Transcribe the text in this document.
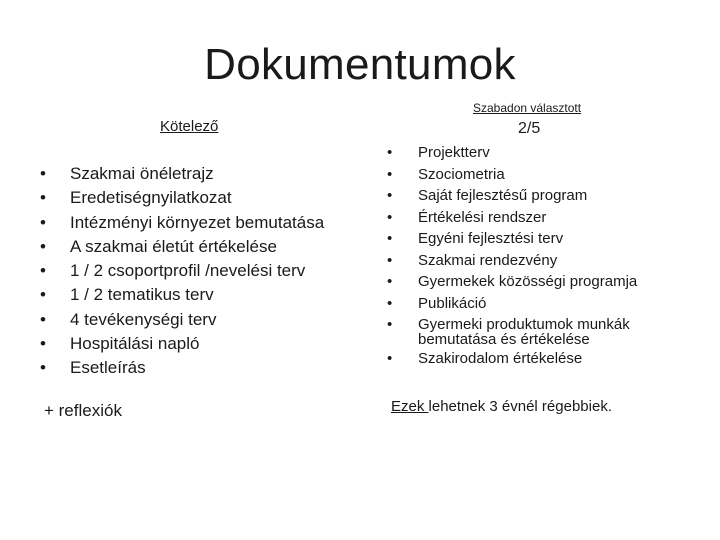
Dokumentumok
Kötelező
• Szakmai önéletrajz
• Eredetiségnyilatkozat
• Intézményi környezet bemutatása
• A szakmai életút értékelése
• 1 / 2 csoportprofil /nevelési terv
• 1 / 2 tematikus terv
• 4 tevékenységi terv
• Hospitálási napló
• Esetleírás
+ reflexiók
Szabadon választott
2/5
• Projektterv
• Szociometria
• Saját fejlesztésű program
• Értékelési rendszer
• Egyéni fejlesztési terv
• Szakmai rendezvény
• Gyermekek közösségi programja
• Publikáció
• Gyermeki produktumok munkák
bemutatása és értékelése
• Szakirodalom értékelése
Ezek lehetnek 3 évnél régebbiek.
